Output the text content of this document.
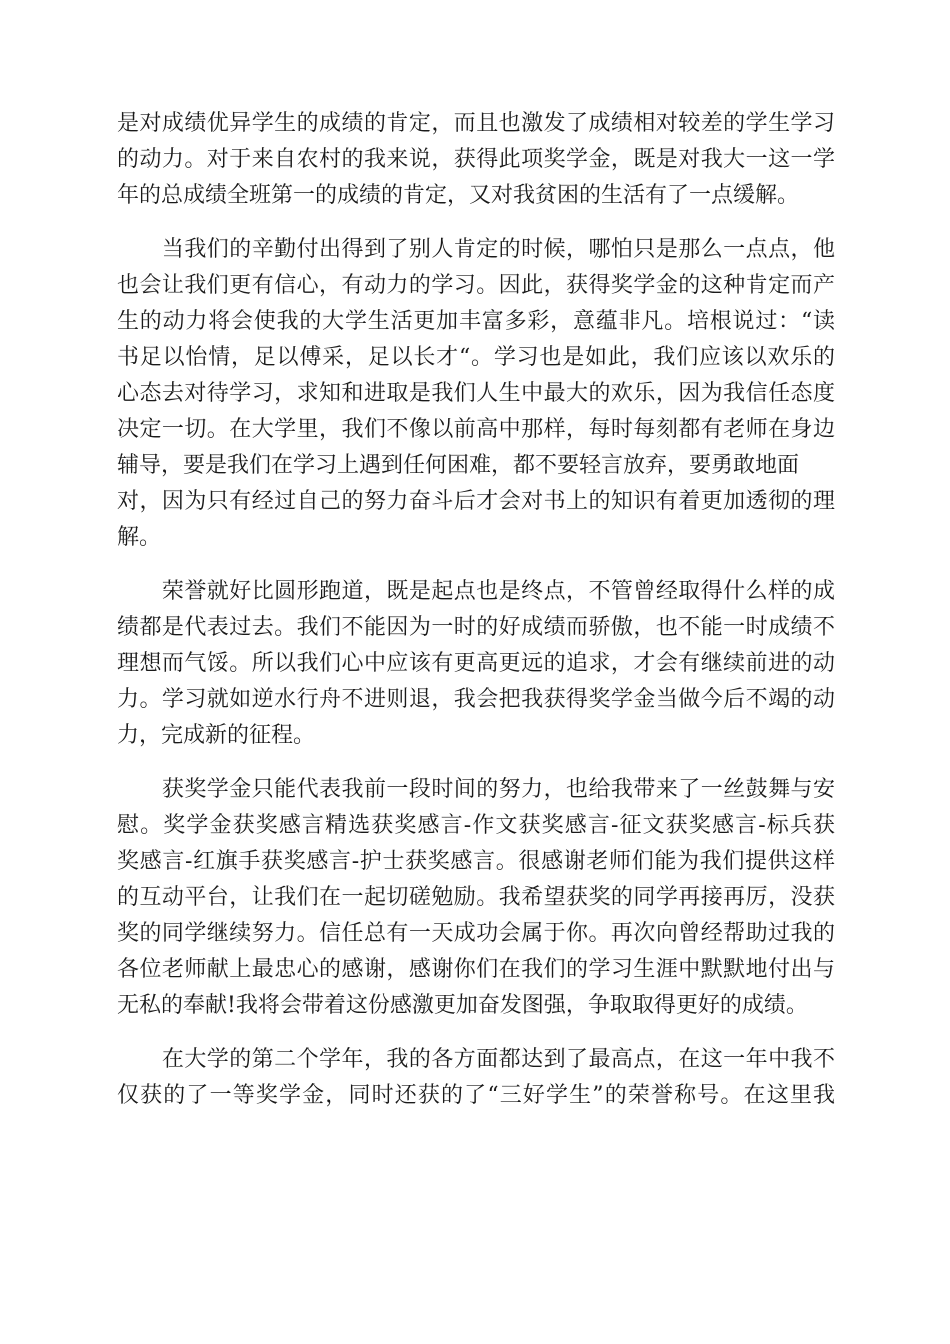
是对成绩优异学生的成绩的肯定，而且也激发了成绩相对较差的学生学习
的动力。对于来自农村的我来说，获得此项奖学金，既是对我大一这一学
年的总成绩全班第一的成绩的肯定，又对我贫困的生活有了一点缓解。
　　当我们的辛勤付出得到了别人肯定的时候，哪怕只是那么一点点，他
也会让我们更有信心，有动力的学习。因此，获得奖学金的这种肯定而产
生的动力将会使我的大学生活更加丰富多彩，意蕴非凡。培根说过：“读
书足以怡情，足以傅采，足以长才“。学习也是如此，我们应该以欢乐的
心态去对待学习，求知和进取是我们人生中最大的欢乐，因为我信任态度
决定一切。在大学里，我们不像以前高中那样，每时每刻都有老师在身边
辅导，要是我们在学习上遇到任何困难，都不要轻言放弃，要勇敢地面
对，因为只有经过自己的努力奋斗后才会对书上的知识有着更加透彻的理
解。
　　荣誉就好比圆形跑道，既是起点也是终点，不管曾经取得什么样的成
绩都是代表过去。我们不能因为一时的好成绩而骄傲，也不能一时成绩不
理想而气馁。所以我们心中应该有更高更远的追求，才会有继续前进的动
力。学习就如逆水行舟不进则退，我会把我获得奖学金当做今后不竭的动
力，完成新的征程。
　　获奖学金只能代表我前一段时间的努力，也给我带来了一丝鼓舞与安
慰。奖学金获奖感言精选获奖感言-作文获奖感言-征文获奖感言-标兵获
奖感言-红旗手获奖感言-护士获奖感言。很感谢老师们能为我们提供这样
的互动平台，让我们在一起切磋勉励。我希望获奖的同学再接再厉，没获
奖的同学继续努力。信任总有一天成功会属于你。再次向曾经帮助过我的
各位老师献上最忠心的感谢，感谢你们在我们的学习生涯中默默地付出与
无私的奉献!我将会带着这份感激更加奋发图强，争取取得更好的成绩。
　　在大学的第二个学年，我的各方面都达到了最高点，在这一年中我不
仅获的了一等奖学金，同时还获的了“三好学生”的荣誉称号。在这里我
